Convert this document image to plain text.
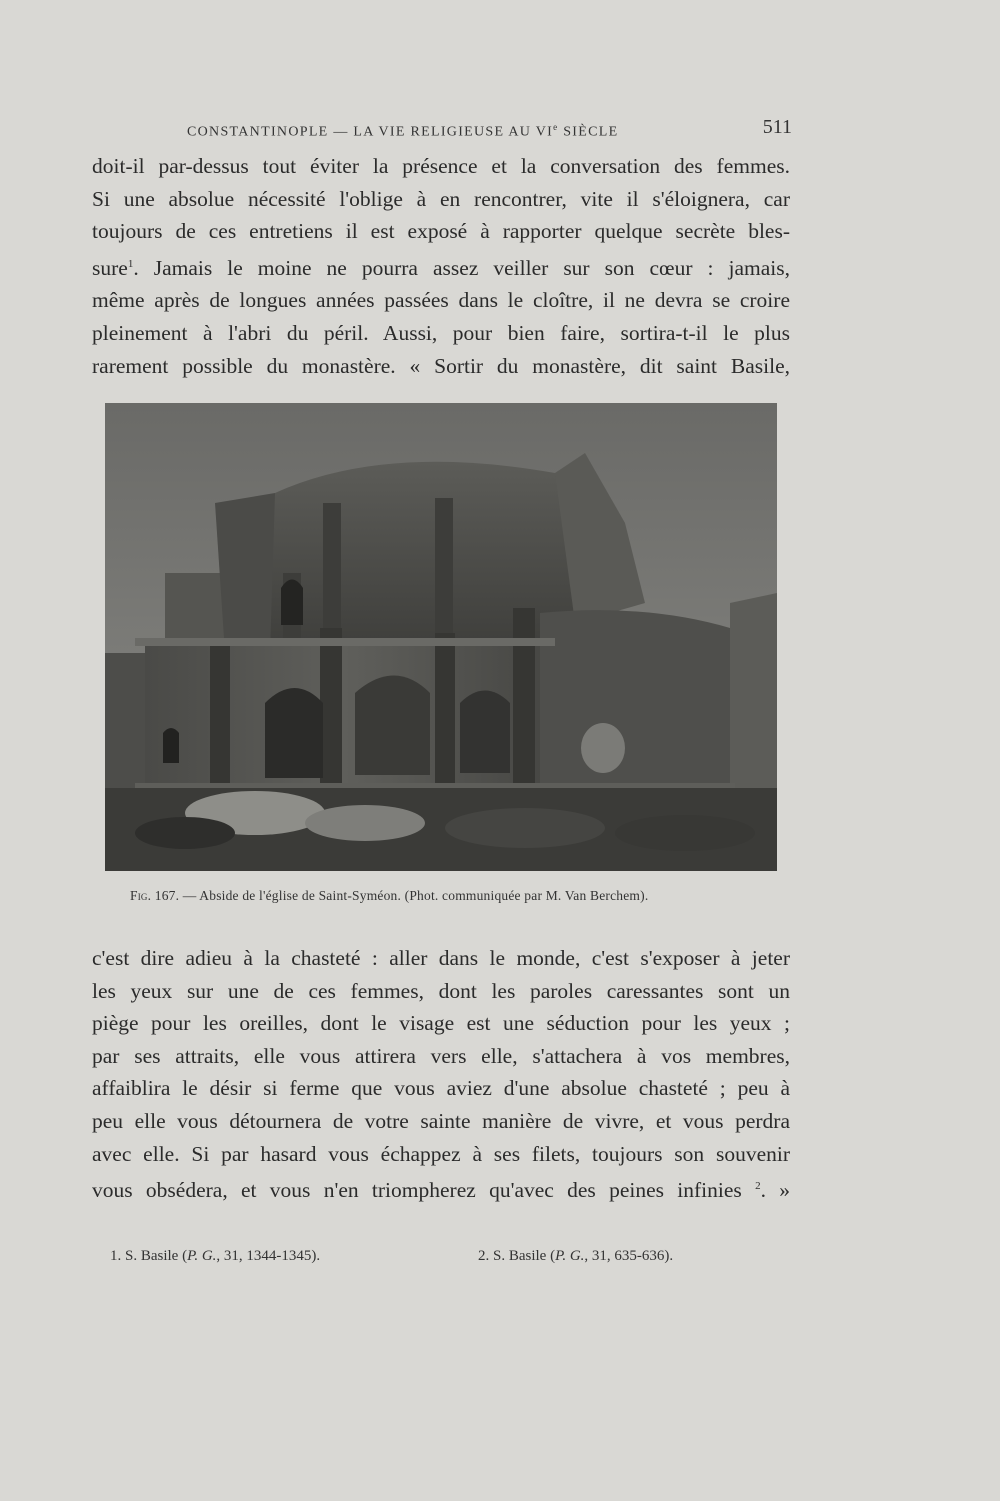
CONSTANTINOPLE — LA VIE RELIGIEUSE AU VIe SIÈCLE	511
doit-il par-dessus tout éviter la présence et la conversation des femmes.
Si une absolue nécessité l'oblige à en rencontrer, vite il s'éloignera, car
toujours de ces entretiens il est exposé à rapporter quelque secrète bles-
sure$^1$. Jamais le moine ne pourra assez veiller sur son cœur : jamais,
même après de longues années passées dans le cloître, il ne devra se croire
pleinement à l'abri du péril. Aussi, pour bien faire, sortira-t-il le plus
rarement possible du monastère. « Sortir du monastère, dit saint Basile,
Fig. 167. — Abside de l'église de Saint-Syméon. (Phot. communiquée par M. Van Berchem).
c'est dire adieu à la chasteté : aller dans le monde, c'est s'exposer à jeter
les yeux sur une de ces femmes, dont les paroles caressantes sont un
piège pour les oreilles, dont le visage est une séduction pour les yeux ;
par ses attraits, elle vous attirera vers elle, s'attachera à vos membres,
affaiblira le désir si ferme que vous aviez d'une absolue chasteté ; peu à
peu elle vous détournera de votre sainte manière de vivre, et vous perdra
avec elle. Si par hasard vous échappez à ses filets, toujours son souvenir
vous obsédera, et vous n'en triompherez qu'avec des peines infinies $^2$. »
1. S. Basile (P. G., 31, 1344-1345).	2. S. Basile (P. G., 31, 635-636).
